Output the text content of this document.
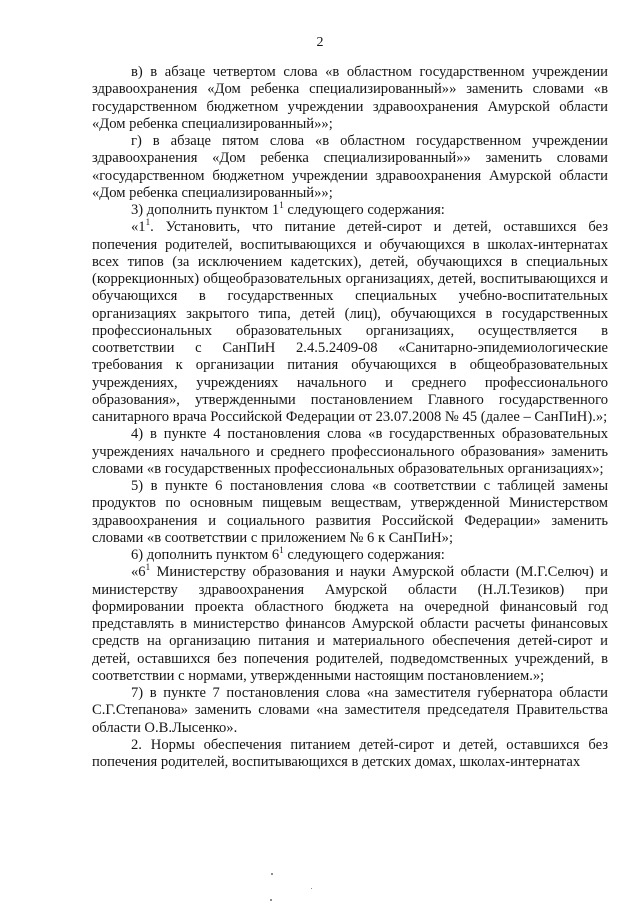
2

в) в абзаце четвертом слова «в областном государственном учреждении здравоохранения «Дом ребенка специализированный»» заменить словами «в государственном бюджетном учреждении здравоохранения Амурской области «Дом ребенка специализированный»»;

г) в абзаце пятом слова «в областном государственном учреждении здравоохранения «Дом ребенка специализированный»» заменить словами «государственном бюджетном учреждении здравоохранения Амурской области «Дом ребенка специализированный»»;

3) дополнить пунктом $1^1$ следующего содержания:

«$1^1$. Установить, что питание детей-сирот и детей, оставшихся без попечения родителей, воспитывающихся и обучающихся в школах-интернатах всех типов (за исключением кадетских), детей, обучающихся в специальных (коррекционных) общеобразовательных организациях, детей, воспитывающихся и обучающихся в государственных специальных учебно-воспитательных организациях закрытого типа, детей (лиц), обучающихся в государственных профессиональных образовательных организациях, осуществляется в соответствии с СанПиН 2.4.5.2409-08 «Санитарно-эпидемиологические требования к организации питания обучающихся в общеобразовательных учреждениях, учреждениях начального и среднего профессионального образования», утвержденными постановлением Главного государственного санитарного врача Российской Федерации от 23.07.2008 № 45 (далее – СанПиН).»;

4) в пункте 4 постановления слова «в государственных образовательных учреждениях начального и среднего профессионального образования» заменить словами «в государственных профессиональных образовательных организациях»;

5) в пункте 6 постановления слова «в соответствии с таблицей замены продуктов по основным пищевым веществам, утвержденной Министерством здравоохранения и социального развития Российской Федерации» заменить словами «в соответствии с приложением № 6 к СанПиН»;

6) дополнить пунктом $6^1$ следующего содержания:

«$6^1$ Министерству образования и науки Амурской области (М.Г.Селюч) и министерству здравоохранения Амурской области (Н.Л.Тезиков) при формировании проекта областного бюджета на очередной финансовый год представлять в министерство финансов Амурской области расчеты финансовых средств на организацию питания и материального обеспечения детей-сирот и детей, оставшихся без попечения родителей, подведомственных учреждений, в соответствии с нормами, утвержденными настоящим постановлением.»;

7) в пункте 7 постановления слова «на заместителя губернатора области С.Г.Степанова» заменить словами «на заместителя председателя Правительства области О.В.Лысенко».

2. Нормы обеспечения питанием детей-сирот и детей, оставшихся без попечения родителей, воспитывающихся в детских домах, школах-интернатах
